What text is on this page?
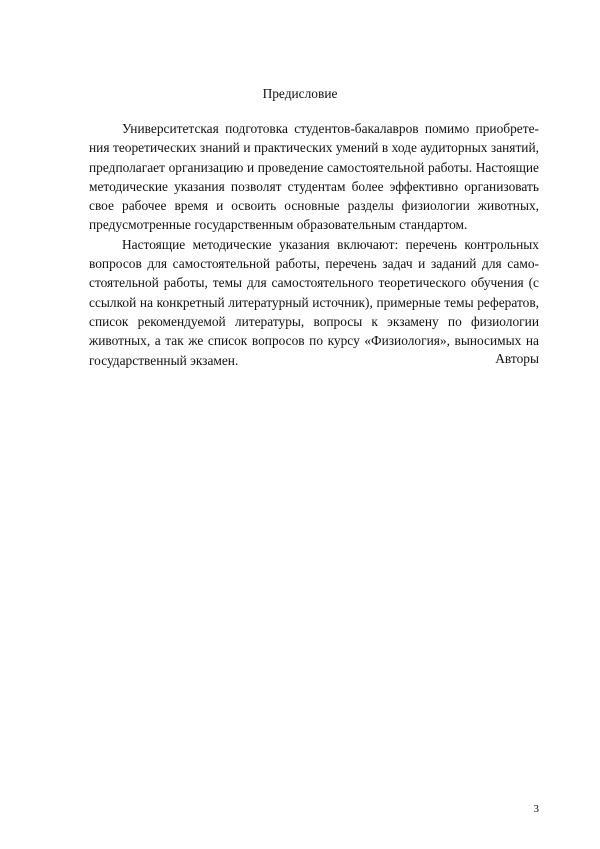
Предисловие

Университетская подготовка студентов-бакалавров помимо приобретения теоретических знаний и практических умений в ходе аудиторных занятий, предполагает организацию и проведение самостоятельной работы. Настоящие методические указания позволят студентам более эффективно организовать свое рабочее время и освоить основные разделы физиологии животных, предусмотренные государственным образовательным стандартом.

Настоящие методические указания включают: перечень контрольных вопросов для самостоятельной работы, перечень задач и заданий для самостоятельной работы, темы для самостоятельного теоретического обучения (с ссылкой на конкретный литературный источник), примерные темы рефератов, список рекомендуемой литературы, вопросы к экзамену по физиологии животных, а так же список вопросов по курсу «Физиология», выносимых на государственный экзамен.	Авторы

3
